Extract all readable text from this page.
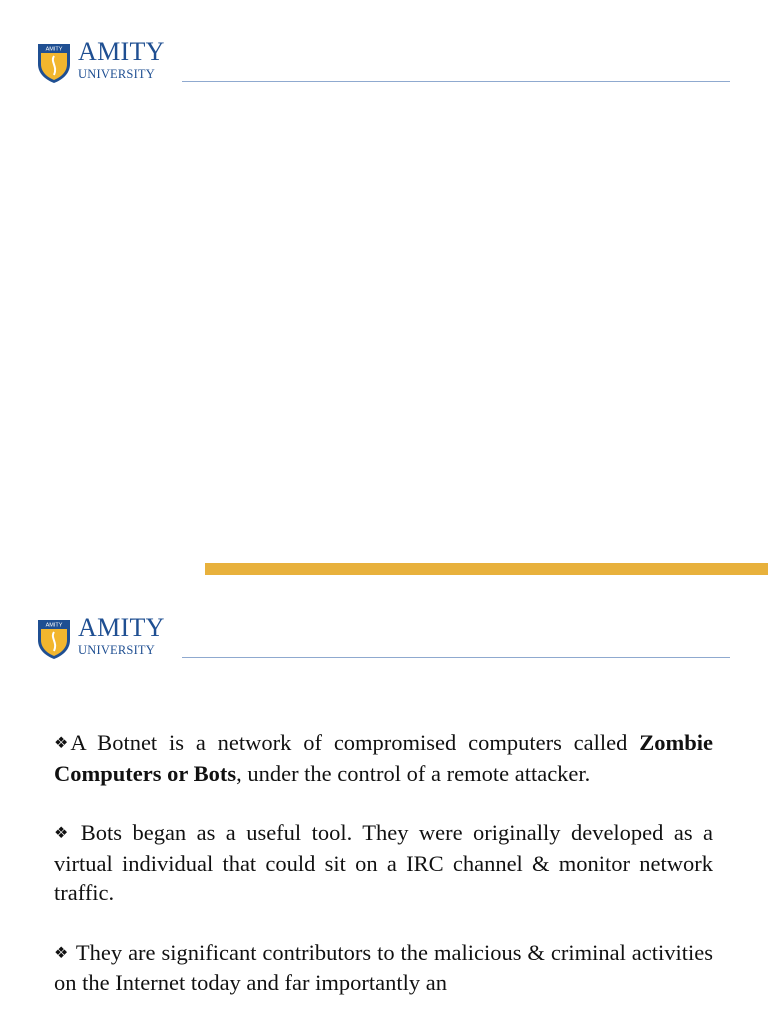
AMITY AMITY
UNIVERSITY
AMITY AMITY
UNIVERSITY

❖A Botnet is a network of compromised computers called Zombie Computers or Bots, under the control of a remote attacker.

❖ Bots began as a useful tool. They were originally developed as a virtual individual that could sit on a IRC channel & monitor network traffic.

❖ They are significant contributors to the malicious & criminal activities on the Internet today and far importantly an
